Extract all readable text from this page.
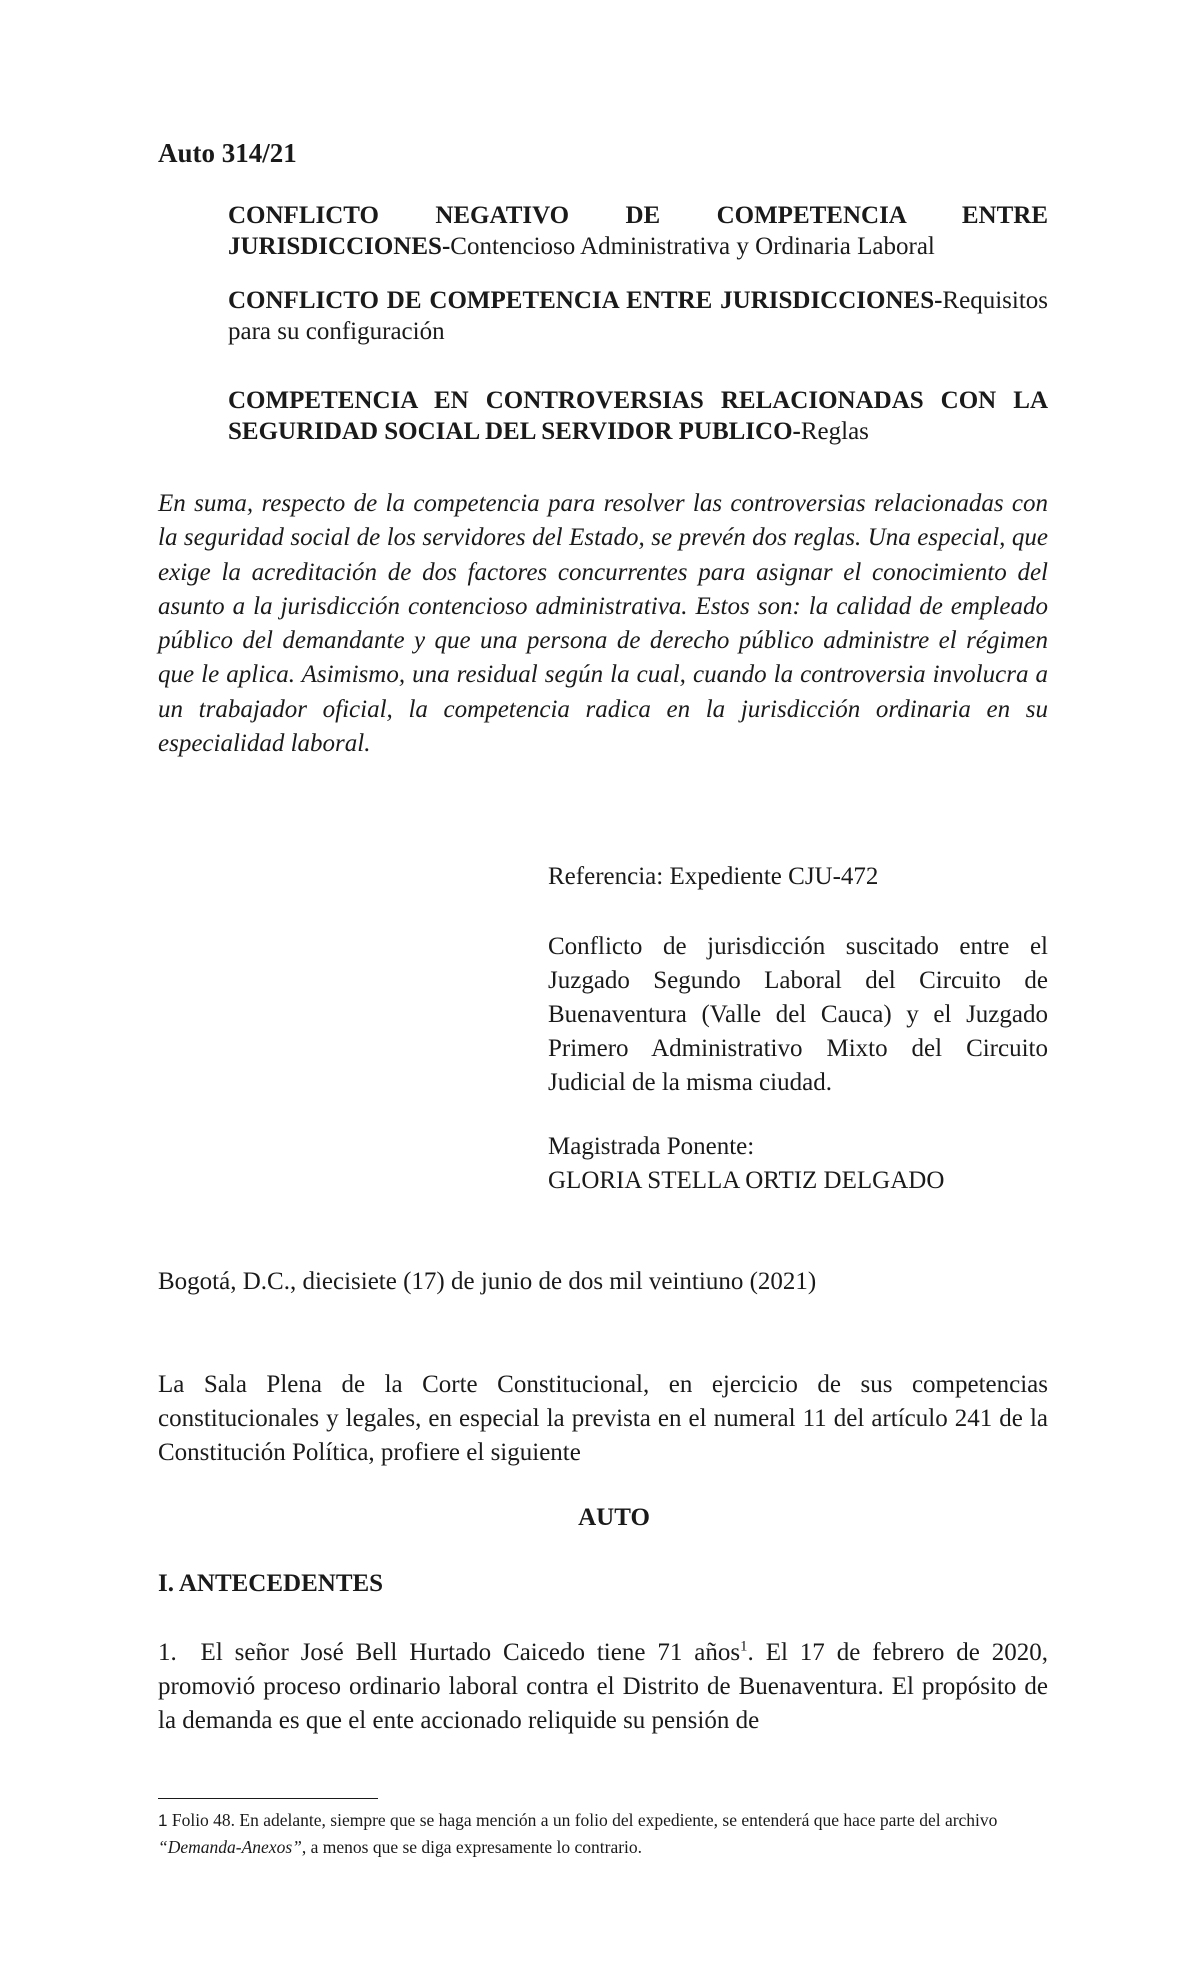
Auto 314/21

CONFLICTO NEGATIVO DE COMPETENCIA ENTRE JURISDICCIONES-Contencioso Administrativa y Ordinaria Laboral

CONFLICTO DE COMPETENCIA ENTRE JURISDICCIONES-Requisitos para su configuración

COMPETENCIA EN CONTROVERSIAS RELACIONADAS CON LA SEGURIDAD SOCIAL DEL SERVIDOR PUBLICO-Reglas

En suma, respecto de la competencia para resolver las controversias relacionadas con la seguridad social de los servidores del Estado, se prevén dos reglas. Una especial, que exige la acreditación de dos factores concurrentes para asignar el conocimiento del asunto a la jurisdicción contencioso administrativa. Estos son: la calidad de empleado público del demandante y que una persona de derecho público administre el régimen que le aplica. Asimismo, una residual según la cual, cuando la controversia involucra a un trabajador oficial, la competencia radica en la jurisdicción ordinaria en su especialidad laboral.

Referencia: Expediente CJU-472

Conflicto de jurisdicción suscitado entre el Juzgado Segundo Laboral del Circuito de Buenaventura (Valle del Cauca) y el Juzgado Primero Administrativo Mixto del Circuito Judicial de la misma ciudad.

Magistrada Ponente:
GLORIA STELLA ORTIZ DELGADO

Bogotá, D.C., diecisiete (17) de junio de dos mil veintiuno (2021)

La Sala Plena de la Corte Constitucional, en ejercicio de sus competencias constitucionales y legales, en especial la prevista en el numeral 11 del artículo 241 de la Constitución Política, profiere el siguiente

AUTO

I. ANTECEDENTES

1. El señor José Bell Hurtado Caicedo tiene 71 años$^1$. El 17 de febrero de 2020, promovió proceso ordinario laboral contra el Distrito de Buenaventura. El propósito de la demanda es que el ente accionado reliquide su pensión de

1 Folio 48. En adelante, siempre que se haga mención a un folio del expediente, se entenderá que hace parte del archivo “Demanda-Anexos”, a menos que se diga expresamente lo contrario.
